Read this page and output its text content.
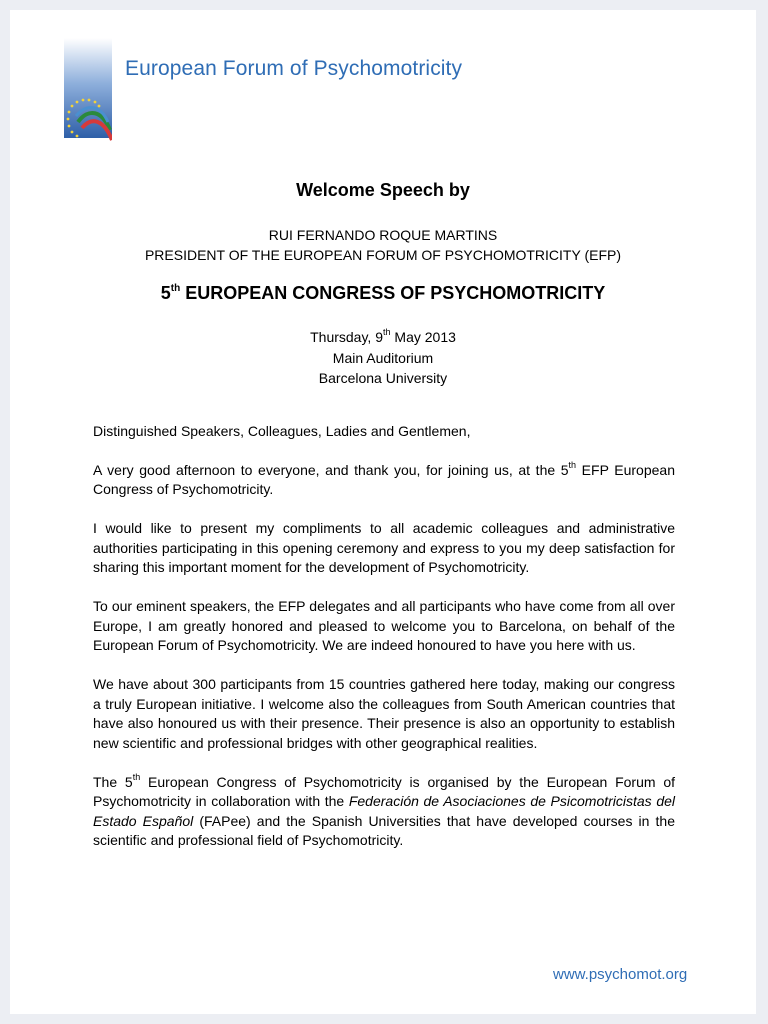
European Forum of Psychomotricity
Welcome Speech by
RUI FERNANDO ROQUE MARTINS
PRESIDENT OF THE EUROPEAN FORUM OF PSYCHOMOTRICITY (EFP)
5th EUROPEAN CONGRESS OF PSYCHOMOTRICITY
Thursday, 9th May 2013
Main Auditorium
Barcelona University

Distinguished Speakers, Colleagues, Ladies and Gentlemen,

A very good afternoon to everyone, and thank you, for joining us, at the 5th EFP European Congress of Psychomotricity.

I would like to present my compliments to all academic colleagues and administrative authorities participating in this opening ceremony and express to you my deep satisfaction for sharing this important moment for the development of Psychomotricity.

To our eminent speakers, the EFP delegates and all participants who have come from all over Europe, I am greatly honored and pleased to welcome you to Barcelona, on behalf of the European Forum of Psychomotricity. We are indeed honoured to have you here with us.

We have about 300 participants from 15 countries gathered here today, making our congress a truly European initiative. I welcome also the colleagues from South American countries that have also honoured us with their presence. Their presence is also an opportunity to establish new scientific and professional bridges with other geographical realities.

The 5th European Congress of Psychomotricity is organised by the European Forum of Psychomotricity in collaboration with the Federación de Asociaciones de Psicomotricistas del Estado Español (FAPee) and the Spanish Universities that have developed courses in the scientific and professional field of Psychomotricity.

www.psychomot.org
